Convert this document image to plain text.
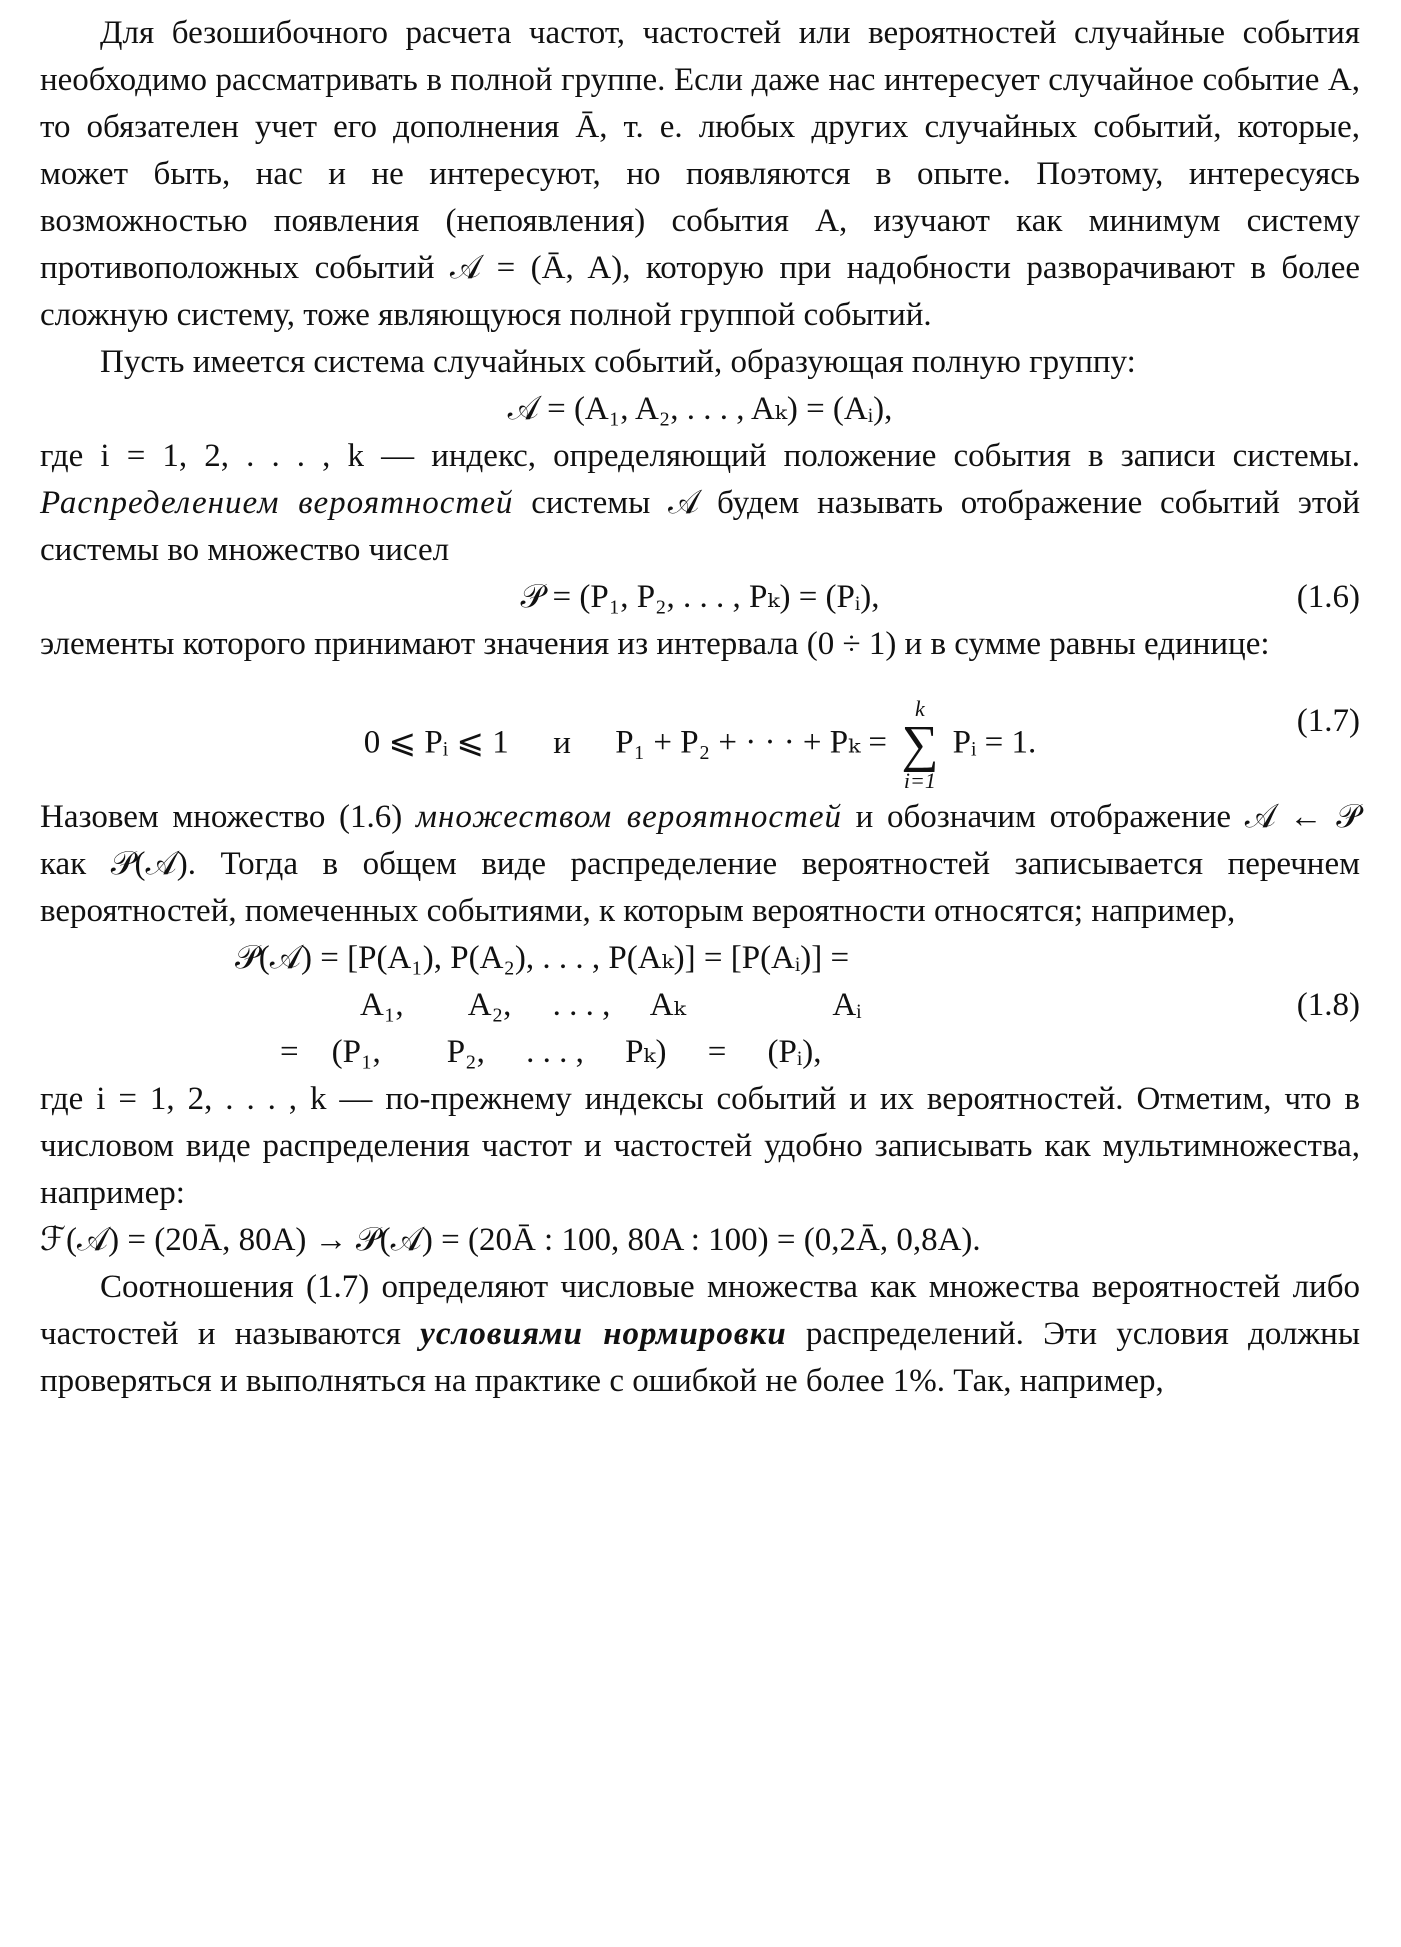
Для безошибочного расчета частот, частостей или вероятностей случайные события необходимо рассматривать в полной группе. Если даже нас интересует случайное событие A, то обязателен учет его дополнения Ā, т. е. любых других случайных событий, которые, может быть, нас и не интересуют, но появляются в опыте. Поэтому, интересуясь возможностью появления (непоявления) события A, изучают как минимум систему противоположных событий 𝒜 = (Ā, A), которую при надобности разворачивают в более сложную систему, тоже являющуюся полной группой событий.

Пусть имеется система случайных событий, образующая полную группу:

𝒜 = (A₁, A₂, . . . , Aₖ) = (Aᵢ),

где i = 1, 2, . . . , k — индекс, определяющий положение события в записи системы. Распределением вероятностей системы 𝒜 будем называть отображение событий этой системы во множество чисел

𝒫 = (P₁, P₂, . . . , Pₖ) = (Pᵢ),	(1.6)

элементы которого принимают значения из интервала (0 ÷ 1) и в сумме равны единице:

0 ⩽ Pᵢ ⩽ 1 и P₁ + P₂ + · · · + Pₖ =
k
∑
i=1
Pᵢ = 1.
(1.7)

Назовем множество (1.6) множеством вероятностей и обозначим отображение 𝒜 ← 𝒫 как 𝒫(𝒜). Тогда в общем виде распределение вероятностей записывается перечнем вероятностей, помеченных событиями, к которым вероятности относятся; например,

𝒫(𝒜) = [P(A₁), P(A₂), . . . , P(Aₖ)] = [P(Aᵢ)] =
A₁,        A₂,     . . . ,     Aₖ                  Aᵢ
=    (P₁,        P₂,     . . . ,     Pₖ)     =     (Pᵢ),
(1.8)

где i = 1, 2, . . . , k — по-прежнему индексы событий и их вероятностей. Отметим, что в числовом виде распределения частот и частостей удобно записывать как мультимножества, например:

ℱ(𝒜) = (20Ā, 80A) → 𝒫(𝒜) = (20Ā : 100, 80A : 100) = (0,2Ā, 0,8A).

Соотношения (1.7) определяют числовые множества как множества вероятностей либо частостей и называются условиями нормировки распределений. Эти условия должны проверяться и выполняться на практике с ошибкой не более 1%. Так, например,
